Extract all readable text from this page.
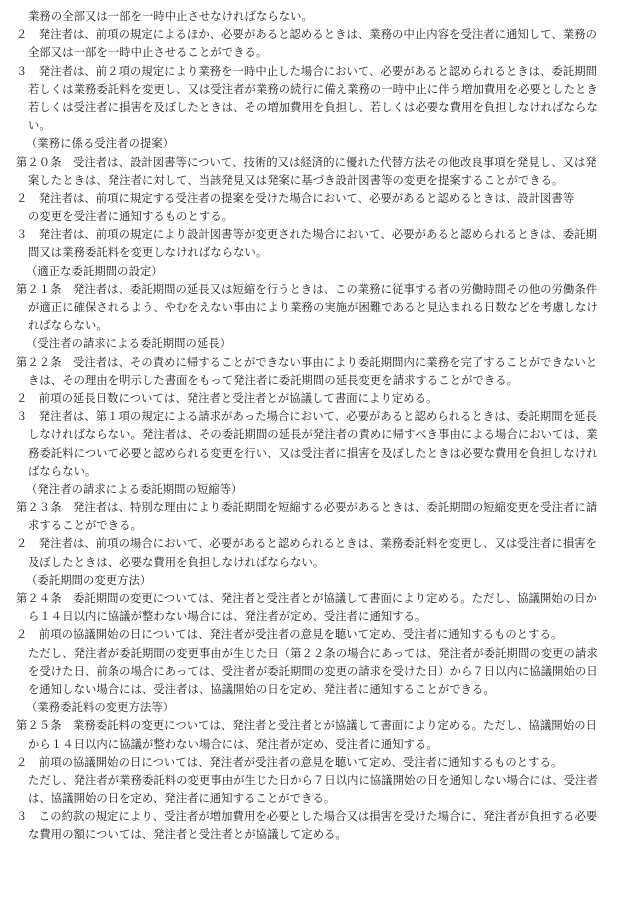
業務の全部又は一部を一時中止させなければならない。
２　発注者は、前項の規定によるほか、必要があると認めるときは、業務の中止内容を受注者に通知して、業務の
全部又は一部を一時中止させることができる。
３　発注者は、前２項の規定により業務を一時中止した場合において、必要があると認められるときは、委託期間
若しくは業務委託料を変更し、又は受注者が業務の続行に備え業務の一時中止に伴う増加費用を必要としたとき
若しくは受注者に損害を及ぼしたときは、その増加費用を負担し、若しくは必要な費用を負担しなければならな
い。
（業務に係る受注者の提案）
第２０条　受注者は、設計図書等について、技術的又は経済的に優れた代替方法その他改良事項を発見し、又は発
案したときは、発注者に対して、当該発見又は発案に基づき設計図書等の変更を提案することができる。
２　発注者は、前項に規定する受注者の提案を受けた場合において、必要があると認めるときは、設計図書等
の変更を受注者に通知するものとする。
３　発注者は、前項の規定により設計図書等が変更された場合において、必要があると認められるときは、委託期
間又は業務委託料を変更しなければならない。
（適正な委託期間の設定）
第２１条　発注者は、委託期間の延長又は短縮を行うときは、この業務に従事する者の労働時間その他の労働条件
が適正に確保されるよう、やむをえない事由により業務の実施が困難であると見込まれる日数などを考慮しなけ
ればならない。
（受注者の請求による委託期間の延長）
第２２条　受注者は、その責めに帰することができない事由により委託期間内に業務を完了することができないと
きは、その理由を明示した書面をもって発注者に委託期間の延長変更を請求することができる。
２　前項の延長日数については、発注者と受注者とが協議して書面により定める。
３　発注者は、第１項の規定による請求があった場合において、必要があると認められるときは、委託期間を延長
しなければならない。発注者は、その委託期間の延長が発注者の責めに帰すべき事由による場合においては、業
務委託料について必要と認められる変更を行い、又は受注者に損害を及ぼしたときは必要な費用を負担しなけれ
ばならない。
（発注者の請求による委託期間の短縮等）
第２３条　発注者は、特別な理由により委託期間を短縮する必要があるときは、委託期間の短縮変更を受注者に請
求することができる。
２　発注者は、前項の場合において、必要があると認められるときは、業務委託料を変更し、又は受注者に損害を
及ぼしたときは、必要な費用を負担しなければならない。
（委託期間の変更方法）
第２４条　委託期間の変更については、発注者と受注者とが協議して書面により定める。ただし、協議開始の日か
ら１４日以内に協議が整わない場合には、発注者が定め、受注者に通知する。
２　前項の協議開始の日については、発注者が受注者の意見を聴いて定め、受注者に通知するものとする。
ただし、発注者が委託期間の変更事由が生じた日（第２２条の場合にあっては、発注者が委託期間の変更の請求
を受けた日、前条の場合にあっては、受注者が委託期間の変更の請求を受けた日）から７日以内に協議開始の日
を通知しない場合には、受注者は、協議開始の日を定め、発注者に通知することができる。
（業務委託料の変更方法等）
第２５条　業務委託料の変更については、発注者と受注者とが協議して書面により定める。ただし、協議開始の日
から１４日以内に協議が整わない場合には、発注者が定め、受注者に通知する。
２　前項の協議開始の日については、発注者が受注者の意見を聴いて定め、受注者に通知するものとする。
ただし、発注者が業務委託料の変更事由が生じた日から７日以内に協議開始の日を通知しない場合には、受注者
は、協議開始の日を定め、発注者に通知することができる。
３　この約款の規定により、受注者が増加費用を必要とした場合又は損害を受けた場合に、発注者が負担する必要
な費用の額については、発注者と受注者とが協議して定める。
